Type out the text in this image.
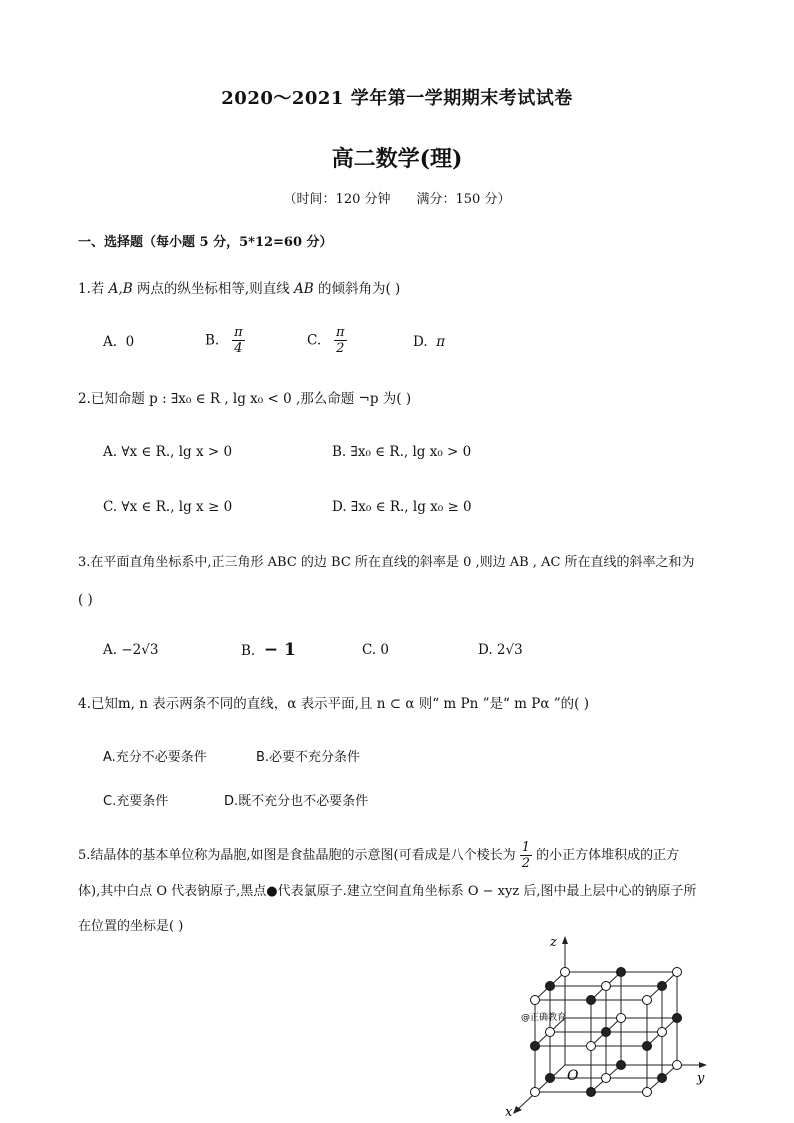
2020～2021 学年第一学期期末考试试卷
高二数学(理)
（时间：120 分钟　　满分：150 分）
一、选择题（每小题 5 分，5*12=60 分）
1.若 A,B 两点的纵坐标相等,则直线 AB 的倾斜角为( )
A. 0	B. $\frac{\pi}{4}$	C. $\frac{\pi}{2}$	D. π
2.已知命题 p : ∃x₀ ∈ R , lg x₀ < 0 ,那么命题 ¬p 为( )
A. ∀x ∈ R., lg x > 0	B. ∃x₀ ∈ R., lg x₀ > 0
C. ∀x ∈ R., lg x ≥ 0	D. ∃x₀ ∈ R., lg x₀ ≥ 0
3.在平面直角坐标系中,正三角形 ABC 的边 BC 所在直线的斜率是 0 ,则边 AB , AC 所在直线的斜率之和为
( )
A. −2√3	B. − 1	C. 0	D. 2√3
4.已知m, n 表示两条不同的直线，α 表示平面,且 n ⊂ α 则“ m Pn ”是“ m Pα ”的( )
A.充分不必要条件	B.必要不充分条件
C.充要条件	D.既不充分也不必要条件
5.结晶体的基本单位称为晶胞,如图是食盐晶胞的示意图(可看成是八个棱长为 $\frac{1}{2}$ 的小正方体堆积成的正方
体),其中白点 O 代表钠原子,黑点●代表氯原子.建立空间直角坐标系 O − xyz 后,图中最上层中心的钠原子所
在位置的坐标是( )
z
y
x
O
@正确教育
